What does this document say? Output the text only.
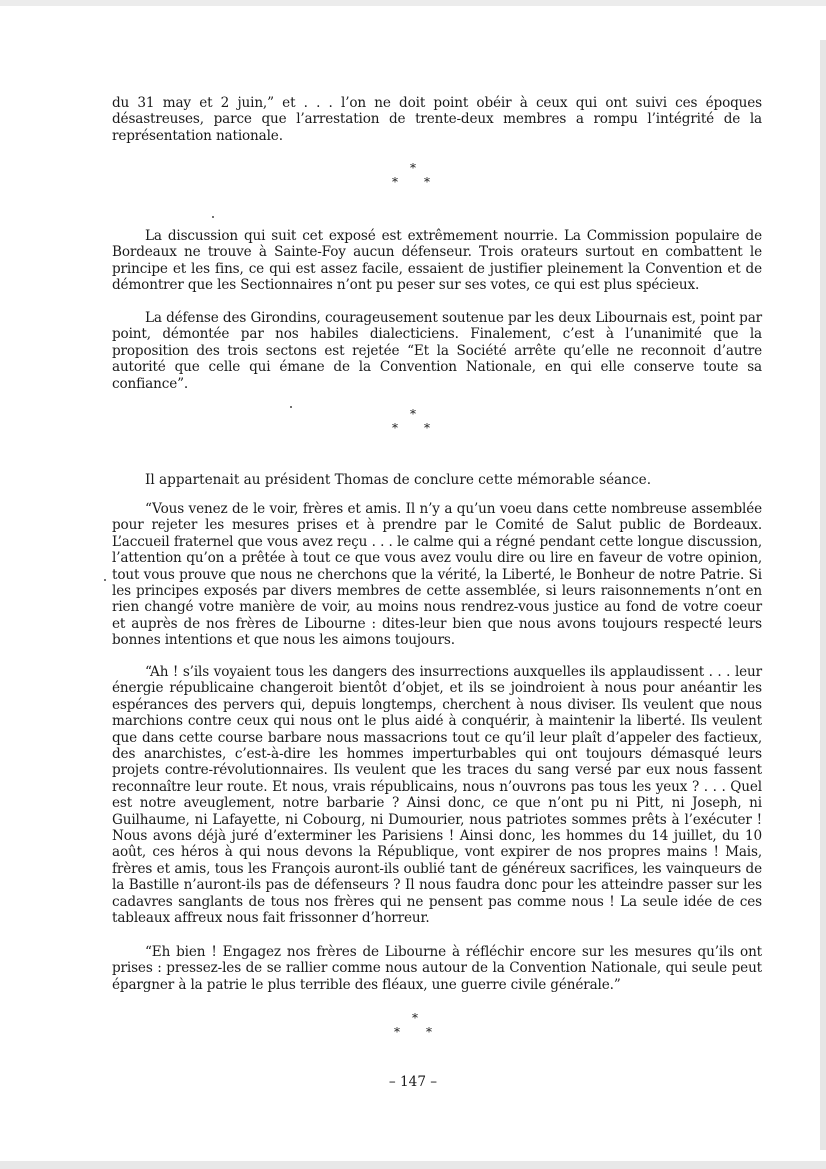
du 31 may et 2 juin,” et . . . l’on ne doit point obéir à ceux qui ont suivi ces époques désastreuses, parce que l’arrestation de trente-deux membres a rompu l’intégrité de la représentation nationale.

*
* *

La discussion qui suit cet exposé est extrêmement nourrie. La Commission populaire de Bordeaux ne trouve à Sainte-Foy aucun défenseur. Trois orateurs surtout en combattent le principe et les fins, ce qui est assez facile, essaient de justifier pleinement la Convention et de démontrer que les Sectionnaires n’ont pu peser sur ses votes, ce qui est plus spécieux.

La défense des Girondins, courageusement soutenue par les deux Libournais est, point par point, démontée par nos habiles dialecticiens. Finalement, c’est à l’unanimité que la proposition des trois sectons est rejetée “Et la Société arrête qu’elle ne reconnoit d’autre autorité que celle qui émane de la Convention Nationale, en qui elle conserve toute sa confiance”.

*
* *

Il appartenait au président Thomas de conclure cette mémorable séance.

“Vous venez de le voir, frères et amis. Il n’y a qu’un voeu dans cette nombreuse assemblée pour rejeter les mesures prises et à prendre par le Comité de Salut public de Bordeaux. L’accueil fraternel que vous avez reçu . . . le calme qui a régné pendant cette longue discussion, l’attention qu’on a prêtée à tout ce que vous avez voulu dire ou lire en faveur de votre opinion, tout vous prouve que nous ne cherchons que la vérité, la Liberté, le Bonheur de notre Patrie. Si les principes exposés par divers membres de cette assemblée, si leurs raisonnements n’ont en rien changé votre manière de voir, au moins nous rendrez-vous justice au fond de votre coeur et auprès de nos frères de Libourne : dites-leur bien que nous avons toujours respecté leurs bonnes intentions et que nous les aimons toujours.

“Ah ! s’ils voyaient tous les dangers des insurrections auxquelles ils applaudissent . . . leur énergie républicaine changeroit bientôt d’objet, et ils se joindroient à nous pour anéantir les espérances des pervers qui, depuis longtemps, cherchent à nous diviser. Ils veulent que nous marchions contre ceux qui nous ont le plus aidé à conquérir, à maintenir la liberté. Ils veulent que dans cette course barbare nous massacrions tout ce qu’il leur plaît d’appeler des factieux, des anarchistes, c’est-à-dire les hommes imperturbables qui ont toujours démasqué leurs projets contre-révolutionnaires. Ils veulent que les traces du sang versé par eux nous fassent reconnaître leur route. Et nous, vrais républicains, nous n’ouvrons pas tous les yeux ? . . . Quel est notre aveuglement, notre barbarie ? Ainsi donc, ce que n’ont pu ni Pitt, ni Joseph, ni Guilhaume, ni Lafayette, ni Cobourg, ni Dumourier, nous patriotes sommes prêts à l’exécuter ! Nous avons déjà juré d’exterminer les Parisiens ! Ainsi donc, les hommes du 14 juillet, du 10 août, ces héros à qui nous devons la République, vont expirer de nos propres mains ! Mais, frères et amis, tous les François auront-ils oublié tant de généreux sacrifices, les vainqueurs de la Bastille n’auront-ils pas de défenseurs ? Il nous faudra donc pour les atteindre passer sur les cadavres sanglants de tous nos frères qui ne pensent pas comme nous ! La seule idée de ces tableaux affreux nous fait frissonner d’horreur.

“Eh bien ! Engagez nos frères de Libourne à réfléchir encore sur les mesures qu’ils ont prises : pressez-les de se rallier comme nous autour de la Convention Nationale, qui seule peut épargner à la patrie le plus terrible des fléaux, une guerre civile générale.”

*
* *
– 147 –
